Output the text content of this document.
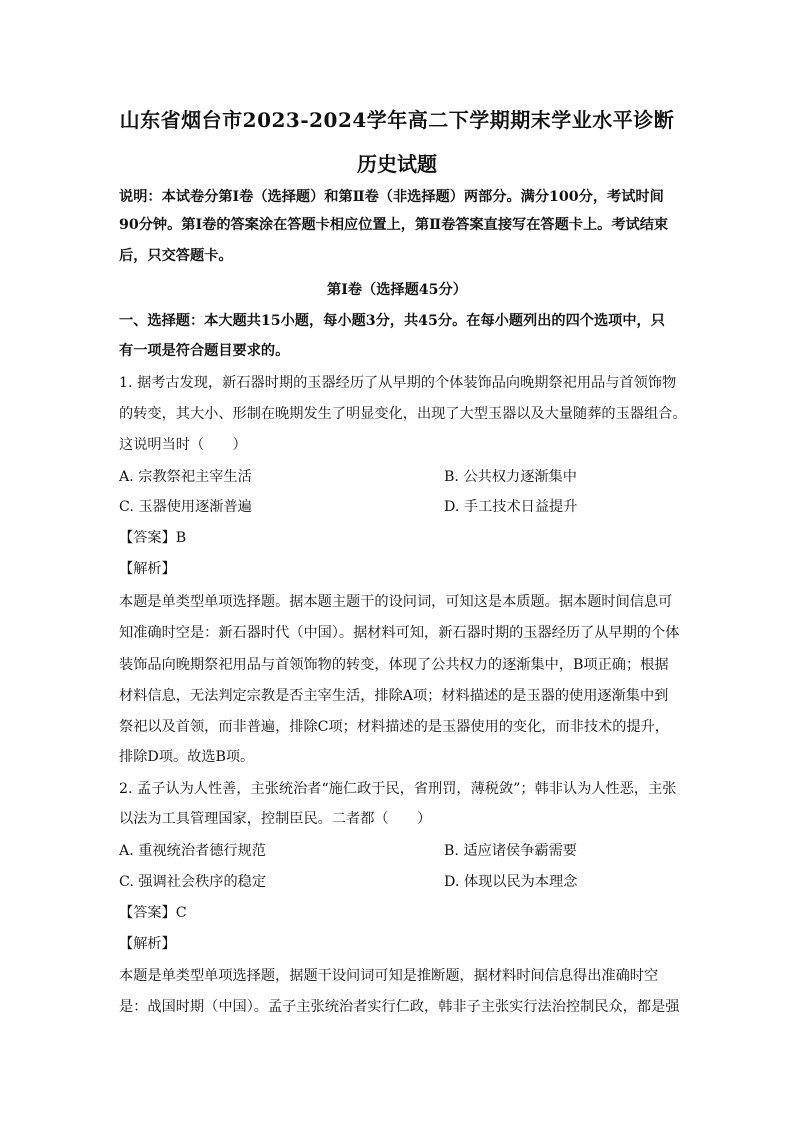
山东省烟台市2023-2024学年高二下学期期末学业水平诊断
历史试题
说明：本试卷分第Ⅰ卷（选择题）和第Ⅱ卷（非选择题）两部分。满分100分，考试时间
90分钟。第Ⅰ卷的答案涂在答题卡相应位置上，第Ⅱ卷答案直接写在答题卡上。考试结束
后，只交答题卡。
第Ⅰ卷（选择题45分）
一、选择题：本大题共15小题，每小题3分，共45分。在每小题列出的四个选项中，只
有一项是符合题目要求的。
1. 据考古发现，新石器时期的玉器经历了从早期的个体装饰品向晚期祭祀用品与首领饰物
的转变，其大小、形制在晚期发生了明显变化，出现了大型玉器以及大量随葬的玉器组合。
这说明当时（　　）
A. 宗教祭祀主宰生活	B. 公共权力逐渐集中
C. 玉器使用逐渐普遍	D. 手工技术日益提升
【答案】B
【解析】
本题是单类型单项选择题。据本题主题干的设问词，可知这是本质题。据本题时间信息可
知准确时空是：新石器时代（中国）。据材料可知，新石器时期的玉器经历了从早期的个体
装饰品向晚期祭祀用品与首领饰物的转变，体现了公共权力的逐渐集中，B项正确；根据
材料信息，无法判定宗教是否主宰生活，排除A项；材料描述的是玉器的使用逐渐集中到
祭祀以及首领，而非普遍，排除C项；材料描述的是玉器使用的变化，而非技术的提升，
排除D项。故选B项。
2. 孟子认为人性善，主张统治者“施仁政于民，省刑罚，薄税敛”；韩非认为人性恶，主张
以法为工具管理国家，控制臣民。二者都（　　）
A. 重视统治者德行规范	B. 适应诸侯争霸需要
C. 强调社会秩序的稳定	D. 体现以民为本理念
【答案】C
【解析】
本题是单类型单项选择题，据题干设问词可知是推断题，据材料时间信息得出准确时空
是：战国时期（中国）。孟子主张统治者实行仁政，韩非子主张实行法治控制民众，都是强
